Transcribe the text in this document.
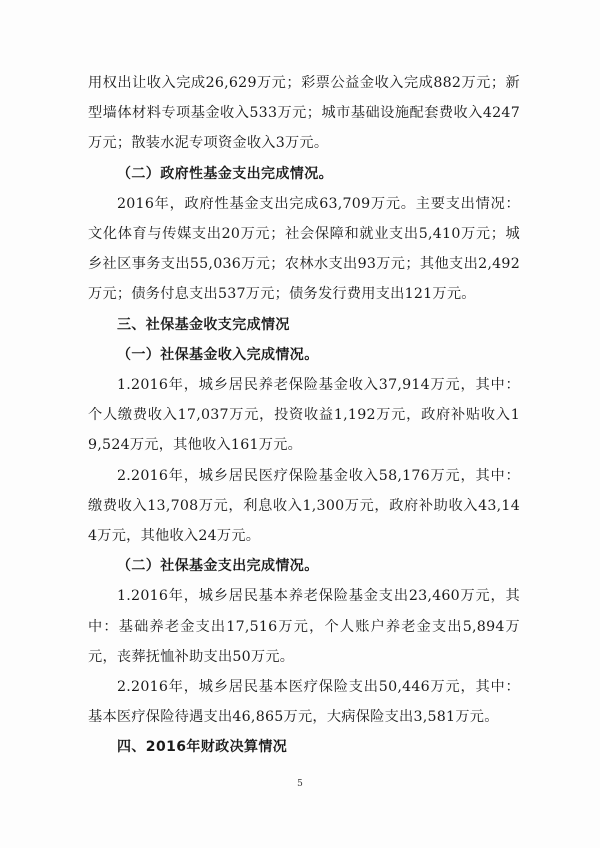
用权出让收入完成26,629万元；彩票公益金收入完成882万元；新型墙体材料专项基金收入533万元；城市基础设施配套费收入4247万元；散装水泥专项资金收入3万元。

（二）政府性基金支出完成情况。

2016年，政府性基金支出完成63,709万元。主要支出情况：文化体育与传媒支出20万元；社会保障和就业支出5,410万元；城乡社区事务支出55,036万元；农林水支出93万元；其他支出2,492万元；债务付息支出537万元；债务发行费用支出121万元。

三、社保基金收支完成情况

（一）社保基金收入完成情况。

1.2016年，城乡居民养老保险基金收入37,914万元，其中：个人缴费收入17,037万元，投资收益1,192万元，政府补贴收入19,524万元，其他收入161万元。

2.2016年，城乡居民医疗保险基金收入58,176万元，其中：缴费收入13,708万元，利息收入1,300万元，政府补助收入43,144万元，其他收入24万元。

（二）社保基金支出完成情况。

1.2016年，城乡居民基本养老保险基金支出23,460万元，其中：基础养老金支出17,516万元，个人账户养老金支出5,894万元，丧葬抚恤补助支出50万元。

2.2016年，城乡居民基本医疗保险支出50,446万元，其中：基本医疗保险待遇支出46,865万元，大病保险支出3,581万元。

四、2016年财政决算情况

5
